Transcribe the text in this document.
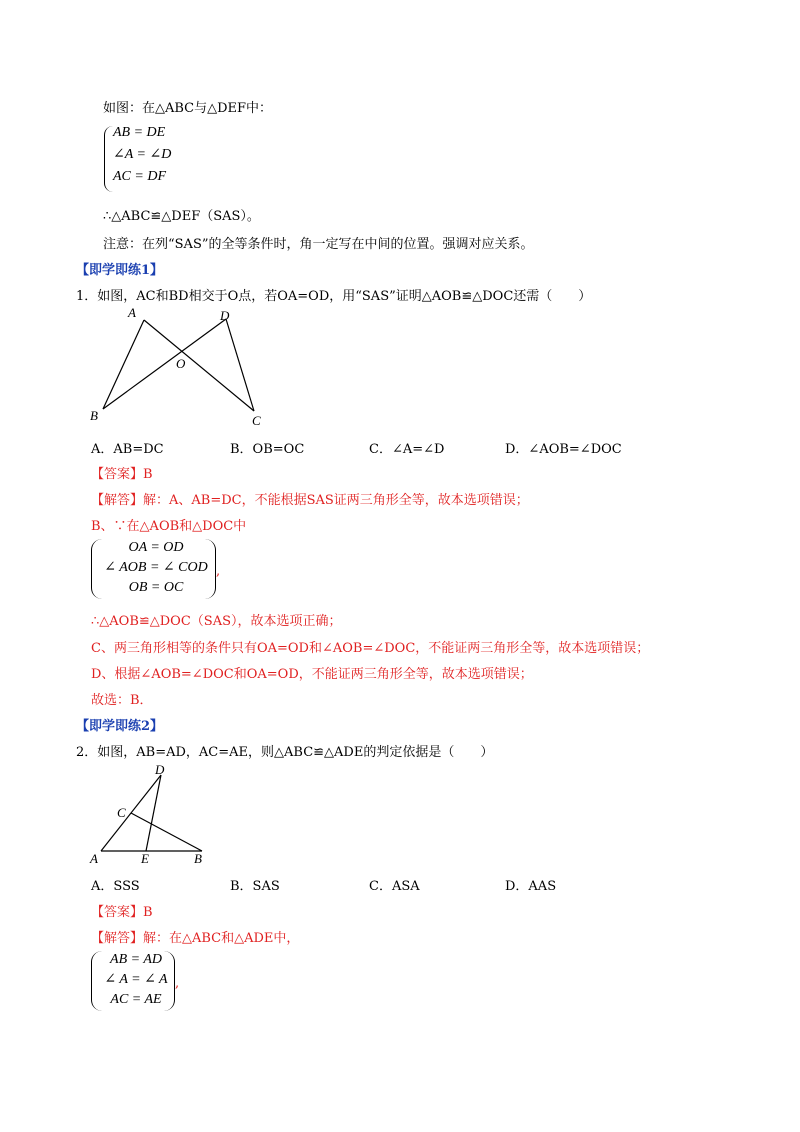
如图：在△ABC与△DEF中：
AB = DE
∠A = ∠D
AC = DF
∴△ABC≌△DEF（SAS）。
注意：在列“SAS”的全等条件时，角一定写在中间的位置。强调对应关系。
【即学即练1】
1．如图，AC和BD相交于O点，若OA=OD，用“SAS”证明△AOB≌△DOC还需（　　）
A	D
O
B	C
A．AB=DC	B．OB=OC	C．∠A=∠D	D．∠AOB=∠DOC
【答案】B
【解答】解：A、AB=DC，不能根据SAS证两三角形全等，故本选项错误；
B、∵在△AOB和△DOC中
OA = OD
∠ AOB = ∠ COD
OB = OC
,
∴△AOB≌△DOC（SAS），故本选项正确；
C、两三角形相等的条件只有OA=OD和∠AOB=∠DOC，不能证两三角形全等，故本选项错误；
D、根据∠AOB=∠DOC和OA=OD，不能证两三角形全等，故本选项错误；
故选：B．
【即学即练2】
2．如图，AB=AD，AC=AE，则△ABC≌△ADE的判定依据是（　　）
D
C
A	E	B
A．SSS	B．SAS	C．ASA	D．AAS
【答案】B
【解答】解：在△ABC和△ADE中，
AB = AD
∠ A = ∠ A
AC = AE
,
